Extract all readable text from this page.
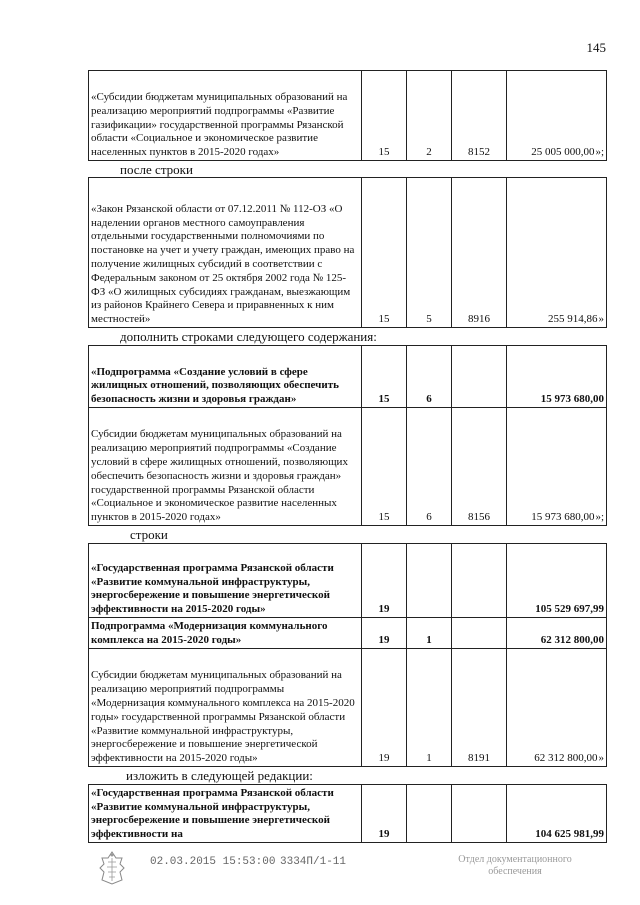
145
«Субсидии бюджетам муниципальных образований на реализацию мероприятий подпрограммы «Развитие газификации» государственной программы Рязанской области «Социальное и экономическое развитие населенных пунктов в 2015-2020 годах»	15	2	8152	25 005 000,00»;
после строки
«Закон Рязанской области от 07.12.2011 № 112-ОЗ «О наделении органов местного самоуправления отдельными государственными полномочиями по постановке на учет и учету граждан, имеющих право на получение жилищных субсидий в соответствии с Федеральным законом от 25 октября 2002 года № 125-ФЗ «О жилищных субсидиях гражданам, выезжающим из районов Крайнего Севера и приравненных к ним местностей»	15	5	8916	255 914,86»
дополнить строками следующего содержания:
«Подпрограмма «Создание условий в сфере жилищных отношений, позволяющих обеспечить безопасность жизни и здоровья граждан»	15	6		15 973 680,00
Субсидии бюджетам муниципальных образований на реализацию мероприятий подпрограммы «Создание условий в сфере жилищных отношений, позволяющих обеспечить безопасность жизни и здоровья граждан» государственной программы Рязанской области «Социальное и экономическое развитие населенных пунктов в 2015-2020 годах»	15	6	8156	15 973 680,00»;
строки
«Государственная программа Рязанской области «Развитие коммунальной инфраструктуры, энергосбережение и повышение энергетической эффективности на 2015-2020 годы»	19			105 529 697,99
Подпрограмма «Модернизация коммунального комплекса на 2015-2020 годы»	19	1		62 312 800,00
Субсидии бюджетам муниципальных образований на реализацию мероприятий подпрограммы «Модернизация коммунального комплекса на 2015-2020 годы» государственной программы Рязанской области «Развитие коммунальной инфраструктуры, энергосбережение и повышение энергетической эффективности на 2015-2020 годы»	19	1	8191	62 312 800,00»
изложить в следующей редакции:
«Государственная программа Рязанской области «Развитие коммунальной инфраструктуры, энергосбережение и повышение энергетической эффективности на	19			104 625 981,99
02.03.2015 15:53:00 3334П/1-11	Отдел документационного обеспечения
